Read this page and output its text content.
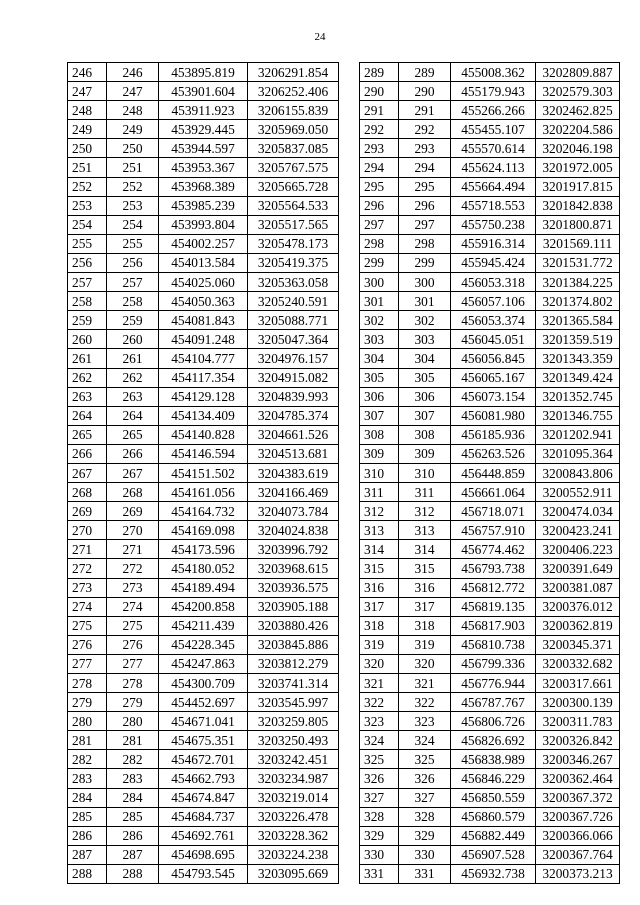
24
246	246	453895.819	3206291.854
247	247	453901.604	3206252.406
248	248	453911.923	3206155.839
249	249	453929.445	3205969.050
250	250	453944.597	3205837.085
251	251	453953.367	3205767.575
252	252	453968.389	3205665.728
253	253	453985.239	3205564.533
254	254	453993.804	3205517.565
255	255	454002.257	3205478.173
256	256	454013.584	3205419.375
257	257	454025.060	3205363.058
258	258	454050.363	3205240.591
259	259	454081.843	3205088.771
260	260	454091.248	3205047.364
261	261	454104.777	3204976.157
262	262	454117.354	3204915.082
263	263	454129.128	3204839.993
264	264	454134.409	3204785.374
265	265	454140.828	3204661.526
266	266	454146.594	3204513.681
267	267	454151.502	3204383.619
268	268	454161.056	3204166.469
269	269	454164.732	3204073.784
270	270	454169.098	3204024.838
271	271	454173.596	3203996.792
272	272	454180.052	3203968.615
273	273	454189.494	3203936.575
274	274	454200.858	3203905.188
275	275	454211.439	3203880.426
276	276	454228.345	3203845.886
277	277	454247.863	3203812.279
278	278	454300.709	3203741.314
279	279	454452.697	3203545.997
280	280	454671.041	3203259.805
281	281	454675.351	3203250.493
282	282	454672.701	3203242.451
283	283	454662.793	3203234.987
284	284	454674.847	3203219.014
285	285	454684.737	3203226.478
286	286	454692.761	3203228.362
287	287	454698.695	3203224.238
288	288	454793.545	3203095.669
289	289	455008.362	3202809.887
290	290	455179.943	3202579.303
291	291	455266.266	3202462.825
292	292	455455.107	3202204.586
293	293	455570.614	3202046.198
294	294	455624.113	3201972.005
295	295	455664.494	3201917.815
296	296	455718.553	3201842.838
297	297	455750.238	3201800.871
298	298	455916.314	3201569.111
299	299	455945.424	3201531.772
300	300	456053.318	3201384.225
301	301	456057.106	3201374.802
302	302	456053.374	3201365.584
303	303	456045.051	3201359.519
304	304	456056.845	3201343.359
305	305	456065.167	3201349.424
306	306	456073.154	3201352.745
307	307	456081.980	3201346.755
308	308	456185.936	3201202.941
309	309	456263.526	3201095.364
310	310	456448.859	3200843.806
311	311	456661.064	3200552.911
312	312	456718.071	3200474.034
313	313	456757.910	3200423.241
314	314	456774.462	3200406.223
315	315	456793.738	3200391.649
316	316	456812.772	3200381.087
317	317	456819.135	3200376.012
318	318	456817.903	3200362.819
319	319	456810.738	3200345.371
320	320	456799.336	3200332.682
321	321	456776.944	3200317.661
322	322	456787.767	3200300.139
323	323	456806.726	3200311.783
324	324	456826.692	3200326.842
325	325	456838.989	3200346.267
326	326	456846.229	3200362.464
327	327	456850.559	3200367.372
328	328	456860.579	3200367.726
329	329	456882.449	3200366.066
330	330	456907.528	3200367.764
331	331	456932.738	3200373.213
